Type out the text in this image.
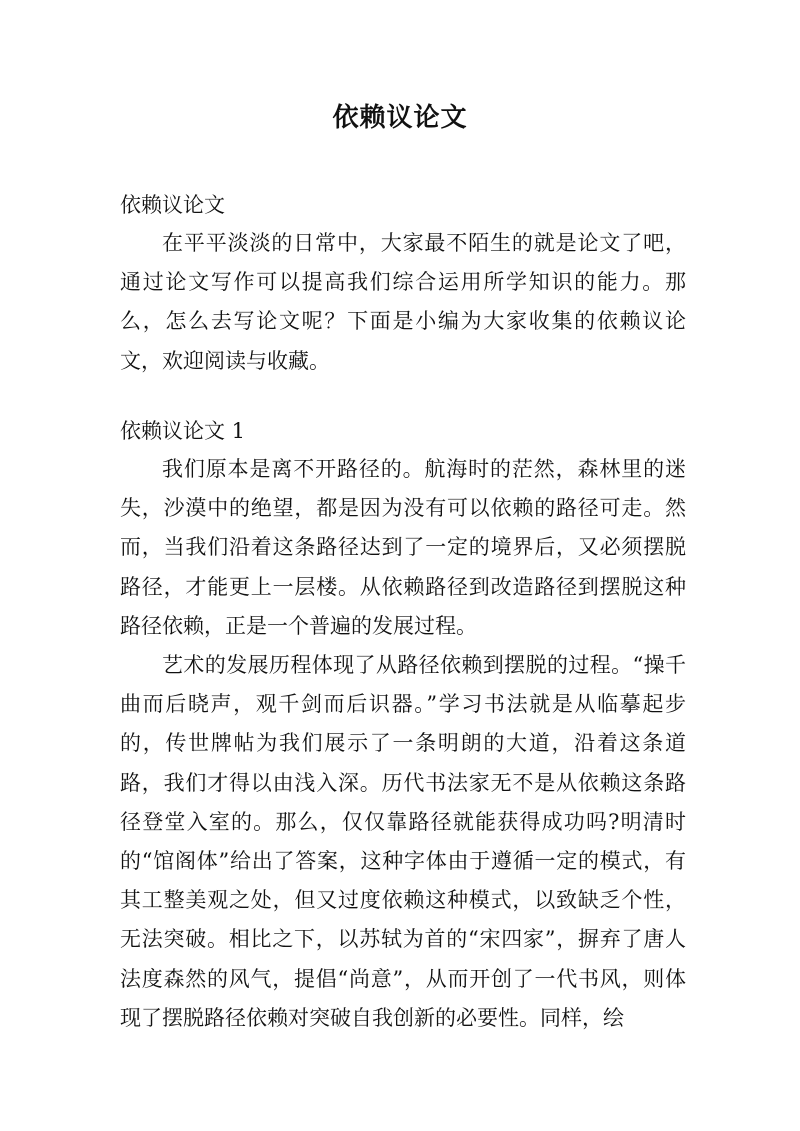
依赖议论文

依赖议论文

在平平淡淡的日常中，大家最不陌生的就是论文了吧，通过论文写作可以提高我们综合运用所学知识的能力。那么，怎么去写论文呢？下面是小编为大家收集的依赖议论文，欢迎阅读与收藏。

依赖议论文 1

我们原本是离不开路径的。航海时的茫然，森林里的迷失，沙漠中的绝望，都是因为没有可以依赖的路径可走。然而，当我们沿着这条路径达到了一定的境界后，又必须摆脱路径，才能更上一层楼。从依赖路径到改造路径到摆脱这种路径依赖，正是一个普遍的发展过程。

艺术的发展历程体现了从路径依赖到摆脱的过程。“操千曲而后晓声，观千剑而后识器。”学习书法就是从临摹起步的，传世牌帖为我们展示了一条明朗的大道，沿着这条道路，我们才得以由浅入深。历代书法家无不是从依赖这条路径登堂入室的。那么，仅仅靠路径就能获得成功吗?明清时的“馆阁体”给出了答案，这种字体由于遵循一定的模式，有其工整美观之处，但又过度依赖这种模式，以致缺乏个性，无法突破。相比之下，以苏轼为首的“宋四家”，摒弃了唐人法度森然的风气，提倡“尚意”，从而开创了一代书风，则体现了摆脱路径依赖对突破自我创新的必要性。同样，绘
